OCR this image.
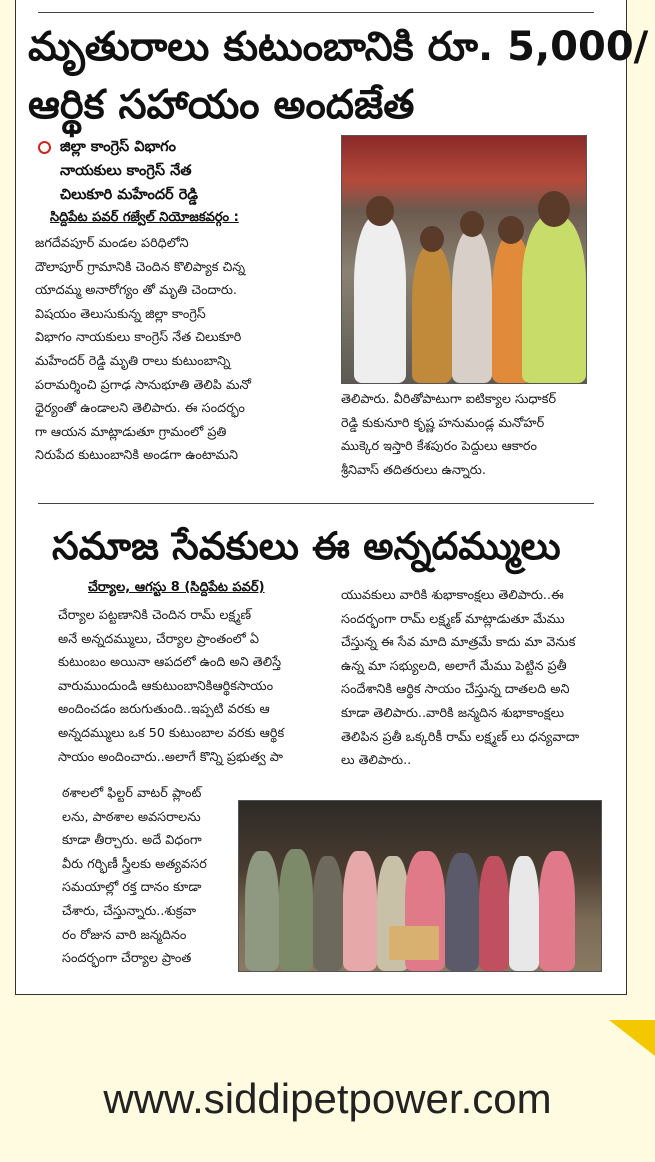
మృతురాలు కుటుంబానికి రూ. 5,000/
ఆర్థిక సహాయం అందజేత
జిల్లా కాంగ్రెస్ విభాగం
నాయకులు కాంగ్రెస్ నేత
చిలుకూరి మహేందర్ రెడ్డి
సిద్దిపేట పవర్ గజ్వేల్ నియోజకవర్గం :
జగదేవపూర్ మండల పరిధిలోని
దౌలాపూర్ గ్రామానికి చెందిన కొలిప్యాక చిన్న
యాదమ్మ అనారోగ్యం తో మృతి చెందారు.
విషయం తెలుసుకున్న జిల్లా కాంగ్రెస్
విభాగం నాయకులు కాంగ్రెస్ నేత చిలుకూరి
మహేందర్ రెడ్డి మృతి రాలు కుటుంబాన్ని
పరామర్శించి ప్రగాఢ సానుభూతి తెలిపి మనో
ధైర్యంతో ఉండాలని తెలిపారు. ఈ సందర్భం
గా ఆయన మాట్లాడుతూ గ్రామంలో ప్రతి
నిరుపేద కుటుంబానికి అండగా ఉంటామని
తెలిపారు. వీరితోపాటుగా ఐటిక్యాల సుధాకర్
రెడ్డి కుకునూరి కృష్ణ హనుమండ్ల మనోహర్
ముక్కెర ఇస్తారి కేశపురం పెద్దులు ఆకారం
శ్రీనివాస్ తదితరులు ఉన్నారు.
సమాజ సేవకులు ఈ అన్నదమ్ములు
చేర్యాల, ఆగస్టు 8 (సిద్దిపేట పవర్)
చేర్యాల పట్టణానికి చెందిన రామ్ లక్ష్మణ్
అనే అన్నదమ్ములు, చేర్యాల ప్రాంతంలో ఏ
కుటుంబం అయినా ఆపదలో ఉంది అని తెలిస్తే
వారుముందుండి ఆకుటుంబానికిఆర్థికసాయం
అందించడం జరుగుతుంది..ఇప్పటి వరకు ఆ
అన్నదమ్ములు ఒక 50 కుటుంబాల వరకు ఆర్థిక
సాయం అందించారు..అలాగే కొన్ని ప్రభుత్వ పా
ఠశాలలో ఫిల్టర్ వాటర్ ప్లాంట్
లను, పాఠశాల అవసరాలను
కూడా తీర్చారు. అదే విధంగా
వీరు గర్భిణీ స్త్రీలకు అత్యవసర
సమయాల్లో రక్త దానం కూడా
చేశారు, చేస్తున్నారు..శుక్రవా
రం రోజున వారి జన్మదినం
సందర్భంగా చేర్యాల ప్రాంత
యువకులు వారికి శుభాకాంక్షలు తెలిపారు..ఈ
సందర్భంగా రామ్ లక్ష్మణ్ మాట్లాడుతూ మేము
చేస్తున్న ఈ సేవ మాది మాత్రమే కాదు మా వెనుక
ఉన్న మా సభ్యులది, అలాగే మేము పెట్టిన ప్రతీ
సందేశానికి ఆర్థిక సాయం చేస్తున్న దాతలది అని
కూడా తెలిపారు..వారికి జన్మదిన శుభాకాంక్షలు
తెలిపిన ప్రతీ ఒక్కరికీ రామ్ లక్ష్మణ్ లు ధన్యవాదా
లు తెలిపారు..
www.siddipetpower.com
